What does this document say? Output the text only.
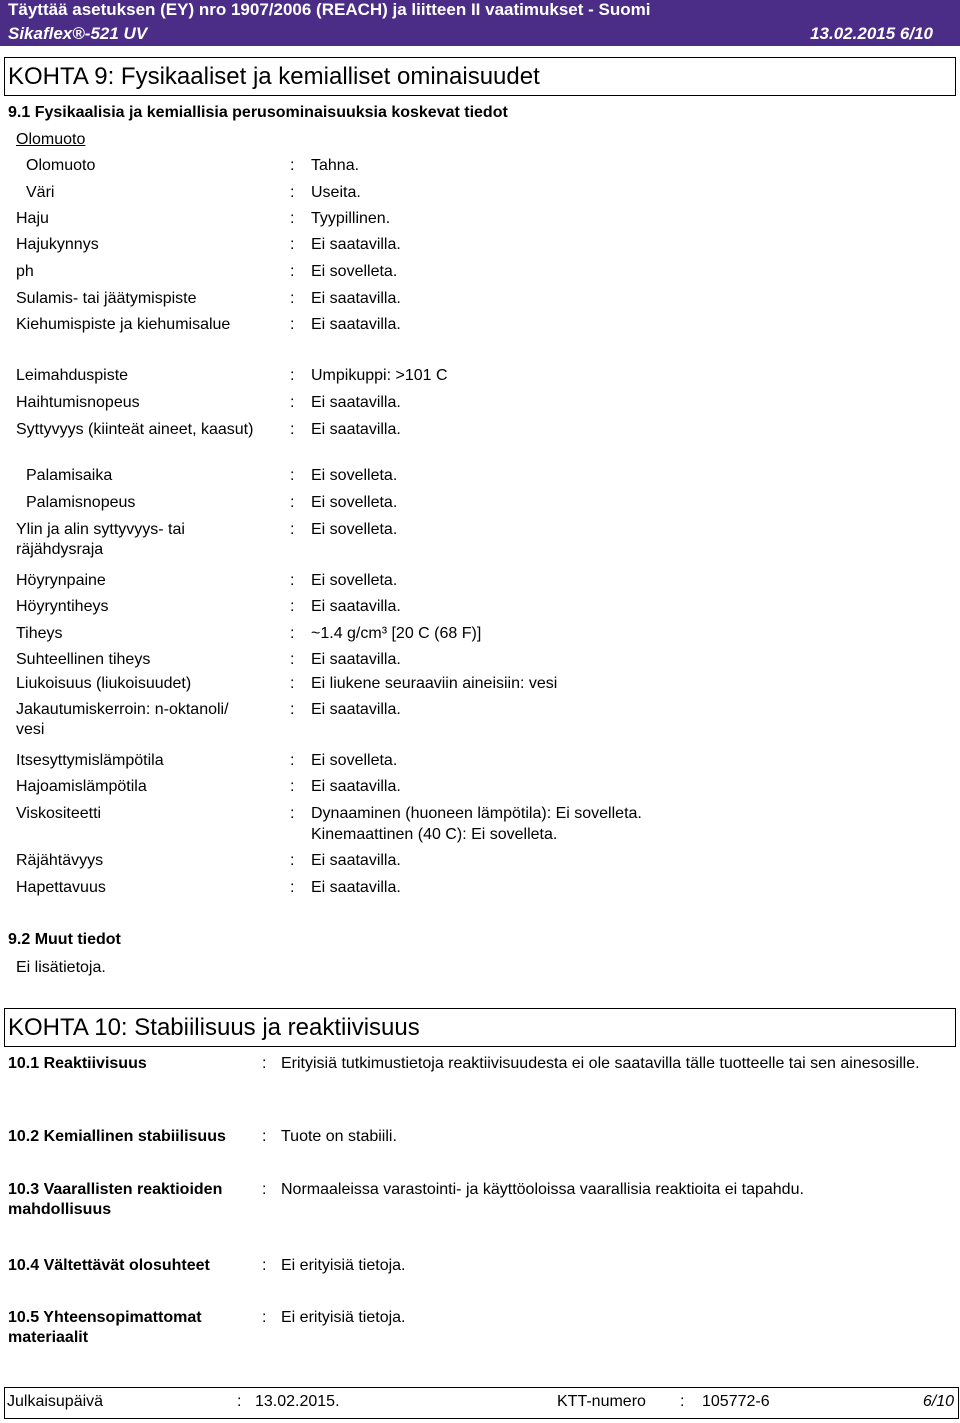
Täyttää asetuksen (EY) nro 1907/2006 (REACH) ja liitteen II vaatimukset - Suomi
Sikaflex®-521 UV	13.02.2015 6/10
KOHTA 9: Fysikaaliset ja kemialliset ominaisuudet
9.1 Fysikaalisia ja kemiallisia perusominaisuuksia koskevat tiedot
Olomuoto
Olomuoto	: Tahna.
Väri	: Useita.
Haju	: Tyypillinen.
Hajukynnys	: Ei saatavilla.
ph	: Ei sovelleta.
Sulamis- tai jäätymispiste	: Ei saatavilla.
Kiehumispiste ja kiehumisalue	: Ei saatavilla.
Leimahduspiste	: Umpikuppi: >101 C
Haihtumisnopeus	: Ei saatavilla.
Syttyvyys (kiinteät aineet, kaasut) : Ei saatavilla.
Palamisaika	: Ei sovelleta.
Palamisnopeus	: Ei sovelleta.
Ylin ja alin syttyvyys- tai räjähdysraja
: Ei sovelleta.
Höyrynpaine	: Ei sovelleta.
Höyryntiheys	: Ei saatavilla.
Tiheys	: ~1.4 g/cm³ [20 C (68 F)]
Suhteellinen tiheys	: Ei saatavilla.
Liukoisuus (liukoisuudet)	: Ei liukene seuraaviin aineisiin: vesi
Jakautumiskerroin: n-oktanoli/ vesi
: Ei saatavilla.
Itsesyttymislämpötila	: Ei sovelleta.
Hajoamislämpötila	: Ei saatavilla.
Viskositeetti	: Dynaaminen (huoneen lämpötila): Ei sovelleta.
Kinemaattinen (40 C): Ei sovelleta.
Räjähtävyys	: Ei saatavilla.
Hapettavuus	: Ei saatavilla.
9.2 Muut tiedot
Ei lisätietoja.
KOHTA 10: Stabiilisuus ja reaktiivisuus
10.1 Reaktiivisuus	: Erityisiä tutkimustietoja reaktiivisuudesta ei ole saatavilla tälle tuotteelle tai sen ainesosille.
10.2 Kemiallinen stabiilisuus : Tuote on stabiili.
10.3 Vaarallisten reaktioiden mahdollisuus
: Normaaleissa varastointi- ja käyttöoloissa vaarallisia reaktioita ei tapahdu.
10.4 Vältettävät olosuhteet	: Ei erityisiä tietoja.
10.5 Yhteensopimattomat materiaalit
: Ei erityisiä tietoja.
Julkaisupäivä	: 13.02.2015.	KTT-numero : 105772-6	6/10
